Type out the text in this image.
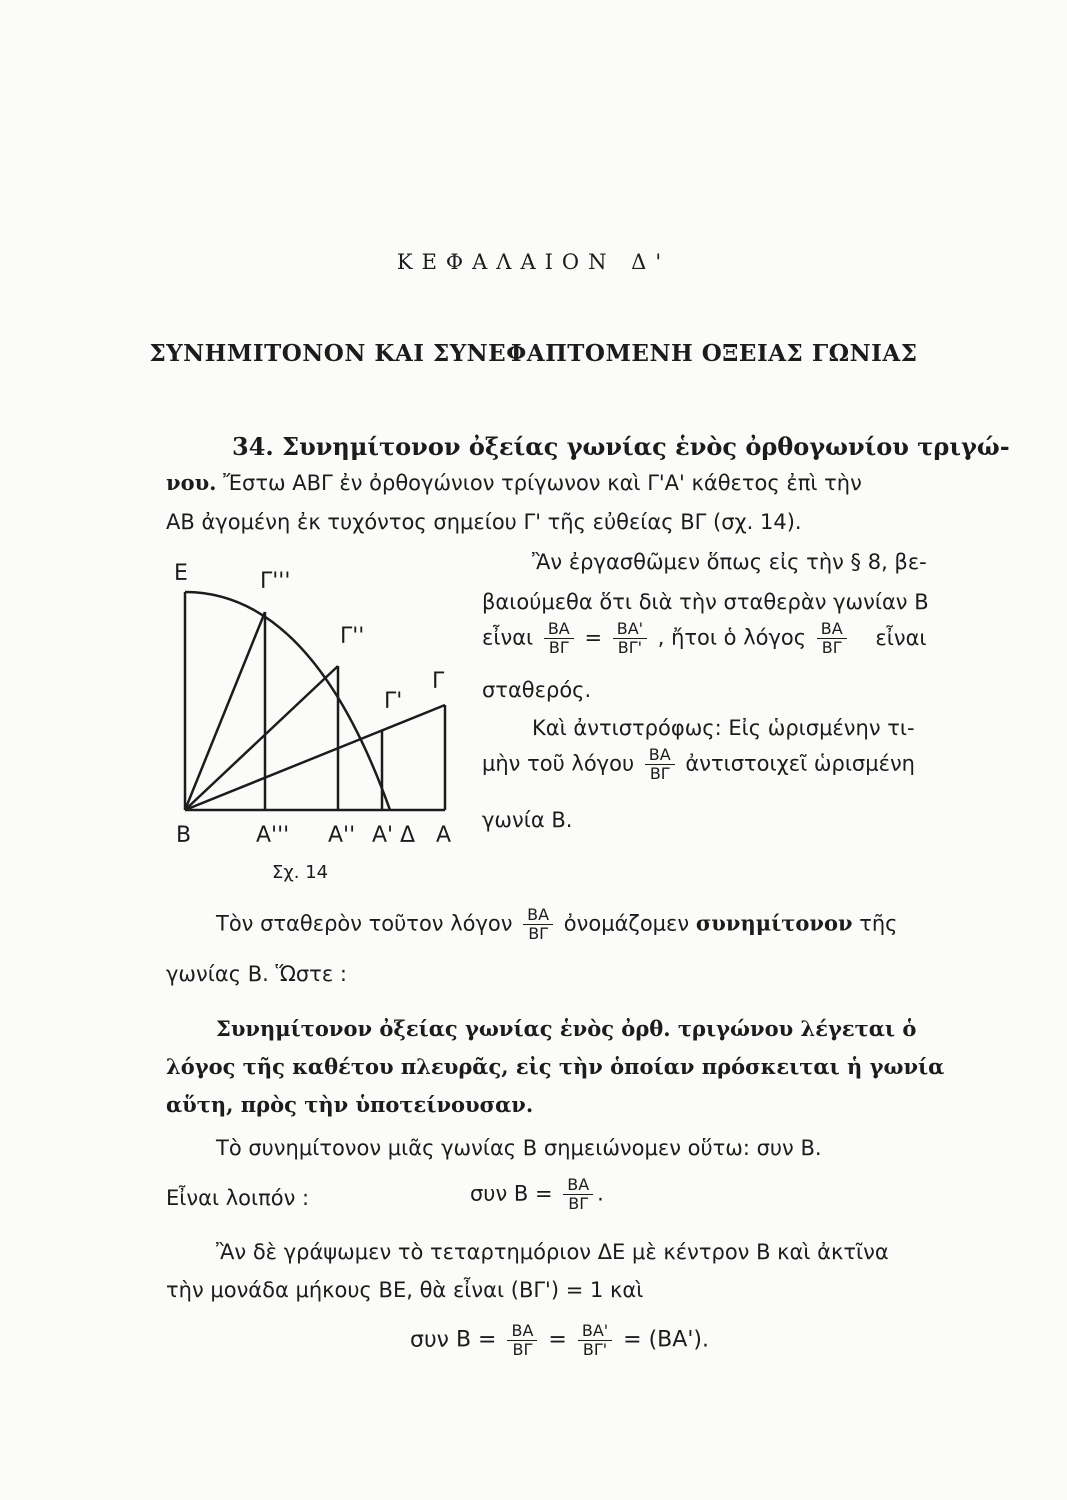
ΚΕΦΑΛΑΙΟΝ Δ'
ΣΥΝΗΜΙΤΟΝΟΝ ΚΑΙ ΣΥΝΕΦΑΠΤΟΜΕΝΗ ΟΞΕΙΑΣ ΓΩΝΙΑΣ
34. Συνημίτονον ὀξείας γωνίας ἑνὸς ὀρθογωνίου τριγώ-
νου. Ἔστω ΑΒΓ ἐν ὀρθογώνιον τρίγωνον καὶ Γ'Α' κάθετος ἐπὶ τὴν
ΑΒ ἀγομένη ἐκ τυχόντος σημείου Γ' τῆς εὐθείας ΒΓ (σχ. 14).
Ε	Γ'''
Γ''
Γ'
Γ
Β	Α''' Α'' Α' Δ Α
Σχ. 14
Ἂν ἐργασθῶμεν ὅπως εἰς τὴν § 8, βε-
βαιούμεθα ὅτι διὰ τὴν σταθερὰν γωνίαν Β
εἶναι $\frac{BA}{B\Gamma} = \frac{BA'}{B\Gamma'}$ , ἤτοι ὁ λόγος $\frac{BA}{B\Gamma}$ εἶναι
σταθερός.
Καὶ ἀντιστρόφως: Εἰς ὡρισμένην τι-
μὴν τοῦ λόγου $\frac{BA}{B\Gamma}$ ἀντιστοιχεῖ ὡρισμένη
γωνία Β.
Τὸν σταθερὸν τοῦτον λόγον $\frac{BA}{B\Gamma}$ ὀνομάζομεν συνημίτονον τῆς
γωνίας Β. Ὥστε :
Συνημίτονον ὀξείας γωνίας ἑνὸς ὀρθ. τριγώνου λέγεται ὁ
λόγος τῆς καθέτου πλευρᾶς, εἰς τὴν ὁποίαν πρόσκειται ἡ γωνία
αὕτη, πρὸς τὴν ὑποτείνουσαν.
Τὸ συνημίτονον μιᾶς γωνίας Β σημειώνομεν οὕτω: συν Β.
Εἶναι λοιπόν :	συν $B = \frac{BA}{B\Gamma}$ .
Ἂν δὲ γράψωμεν τὸ τεταρτημόριον ΔΕ μὲ κέντρον Β καὶ ἀκτῖνα
τὴν μονάδα μήκους ΒΕ, θὰ εἶναι (ΒΓ') = 1 καὶ
συν $B = \frac{BA}{B\Gamma} = \frac{BA'}{B\Gamma'} = (BA')$.
